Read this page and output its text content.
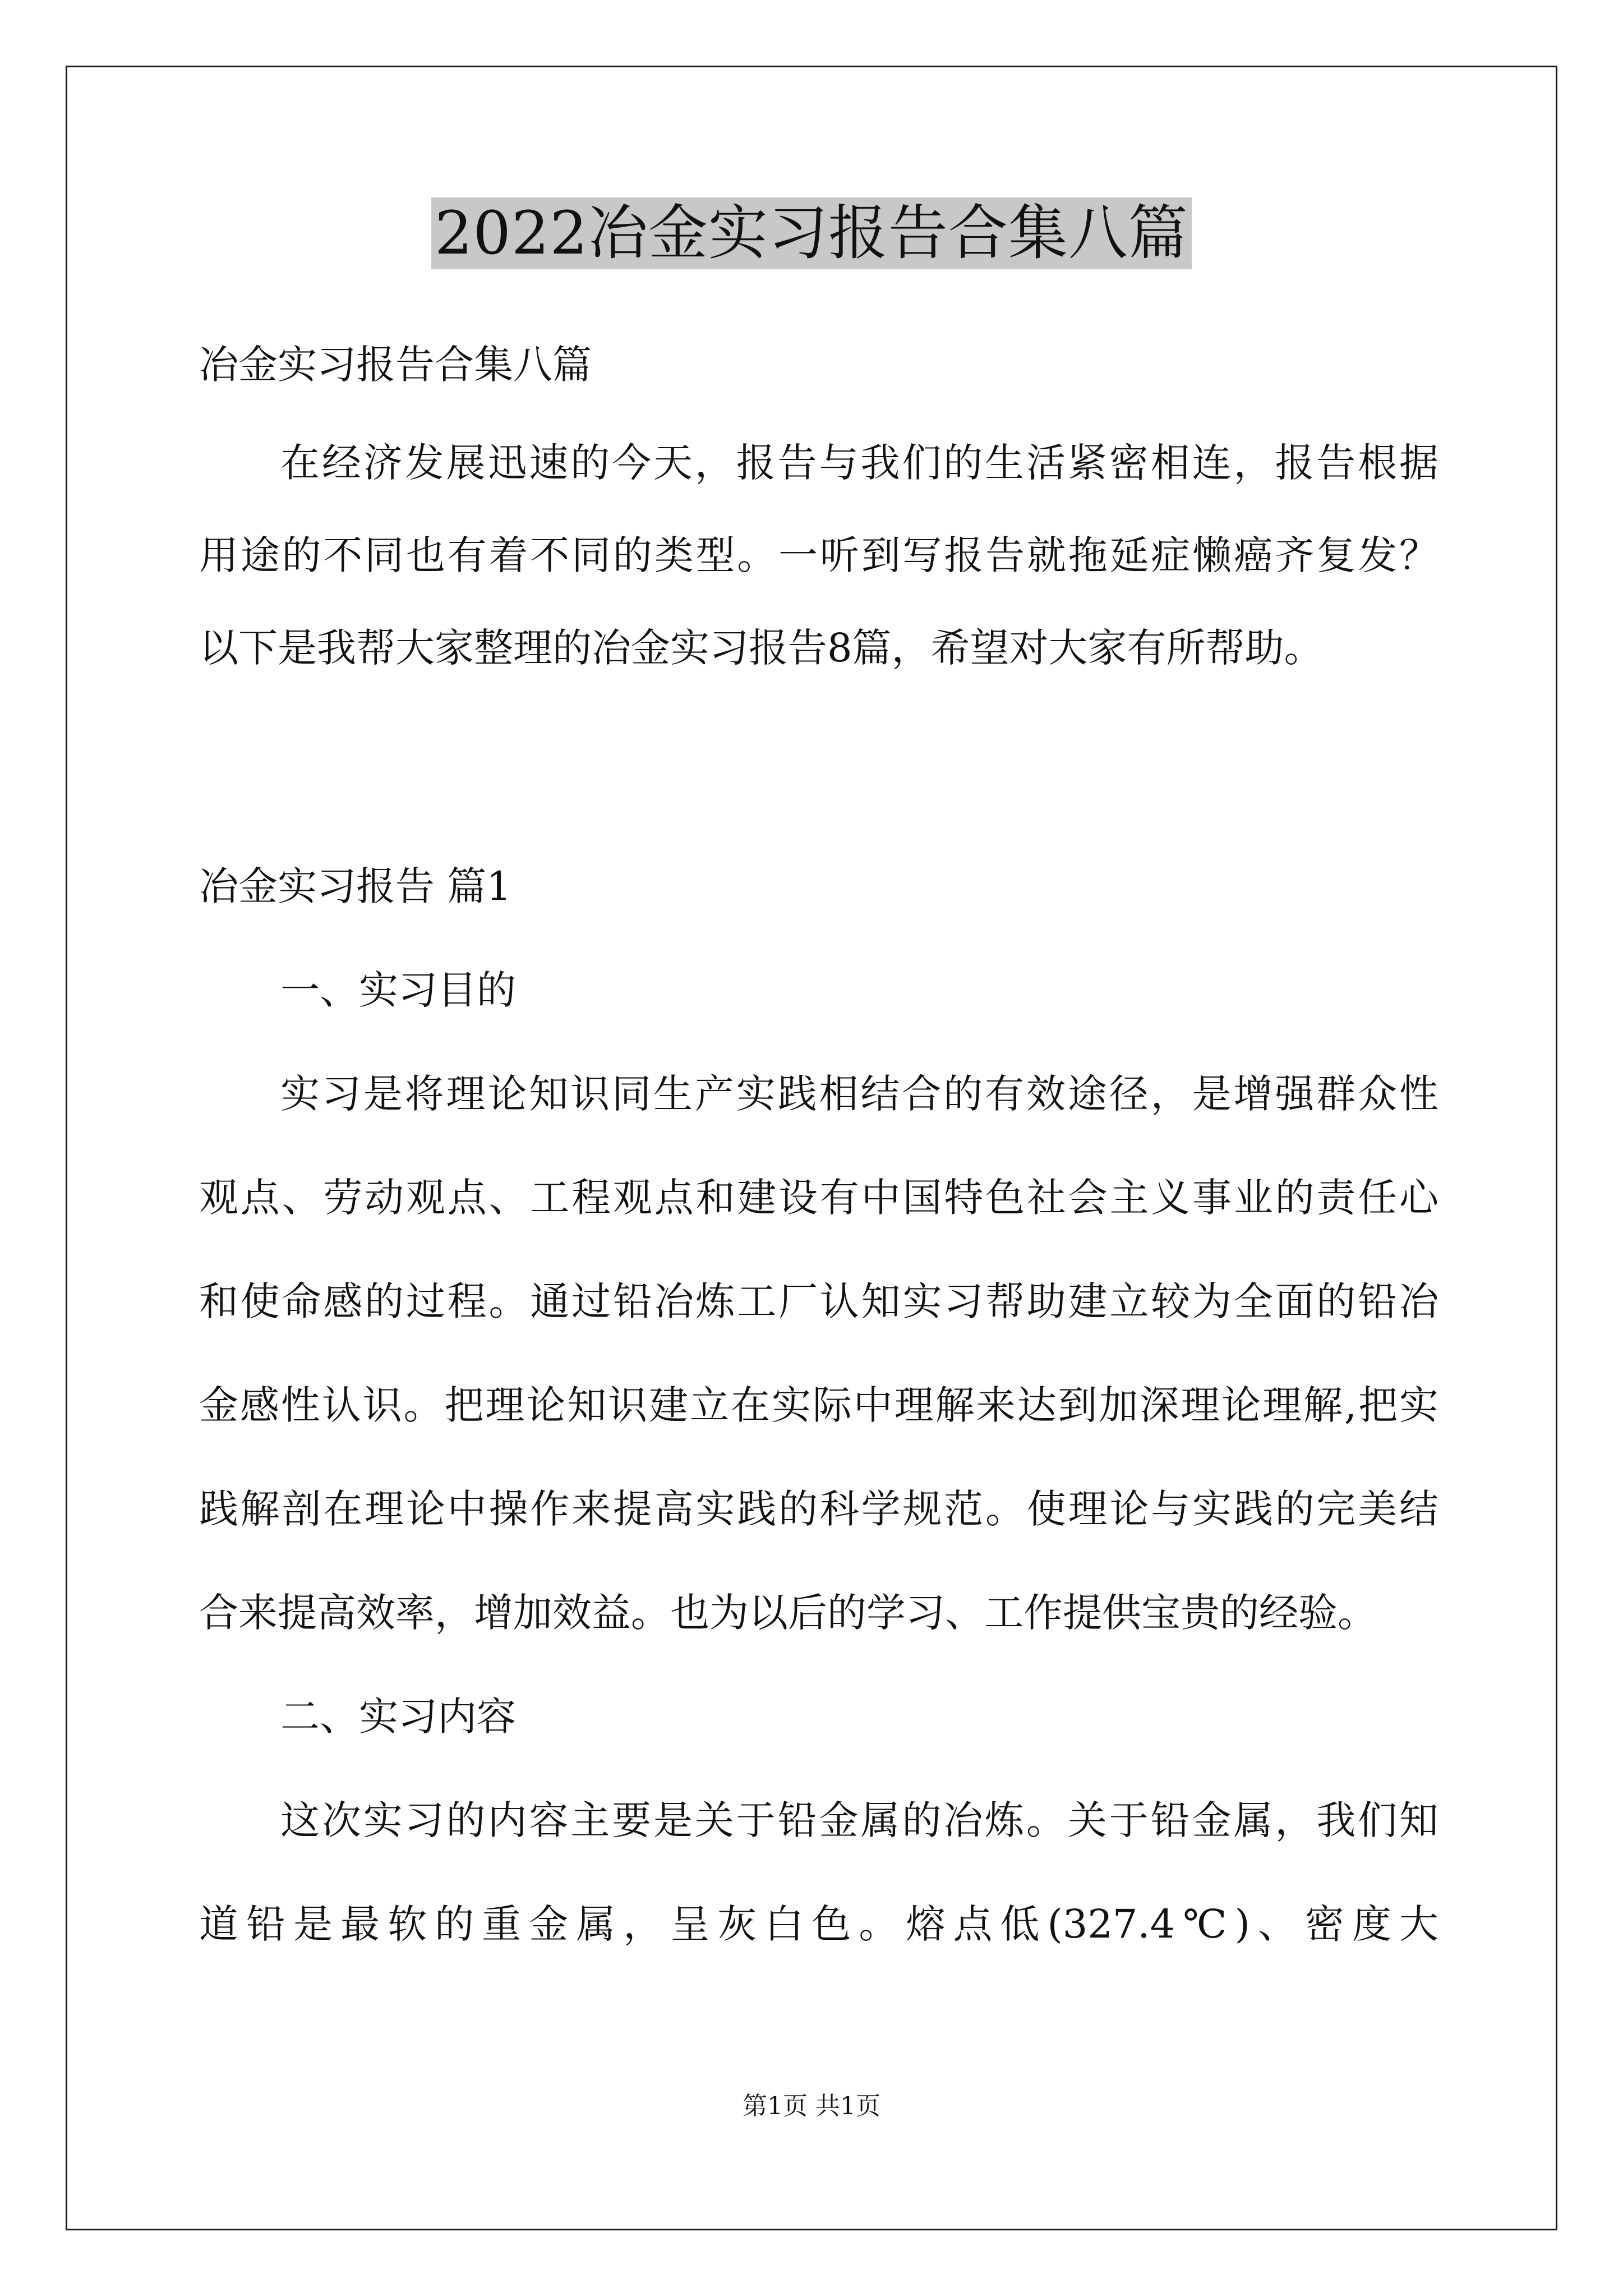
2022冶金实习报告合集八篇
冶金实习报告合集八篇
在经济发展迅速的今天，报告与我们的生活紧密相连，报告根据
用途的不同也有着不同的类型。一听到写报告就拖延症懒癌齐复发？
以下是我帮大家整理的冶金实习报告8篇，希望对大家有所帮助。
冶金实习报告 篇1
一、实习目的
实习是将理论知识同生产实践相结合的有效途径，是增强群众性
观点、劳动观点、工程观点和建设有中国特色社会主义事业的责任心
和使命感的过程。通过铅冶炼工厂认知实习帮助建立较为全面的铅冶
金感性认识。把理论知识建立在实际中理解来达到加深理论理解,把实
践解剖在理论中操作来提高实践的科学规范。使理论与实践的完美结
合来提高效率，增加效益。也为以后的学习、工作提供宝贵的经验。
二、实习内容
这次实习的内容主要是关于铅金属的冶炼。关于铅金属，我们知
道铅是最软的重金属，呈灰白色。熔点低(327.4℃)、密度大
第1页 共1页
